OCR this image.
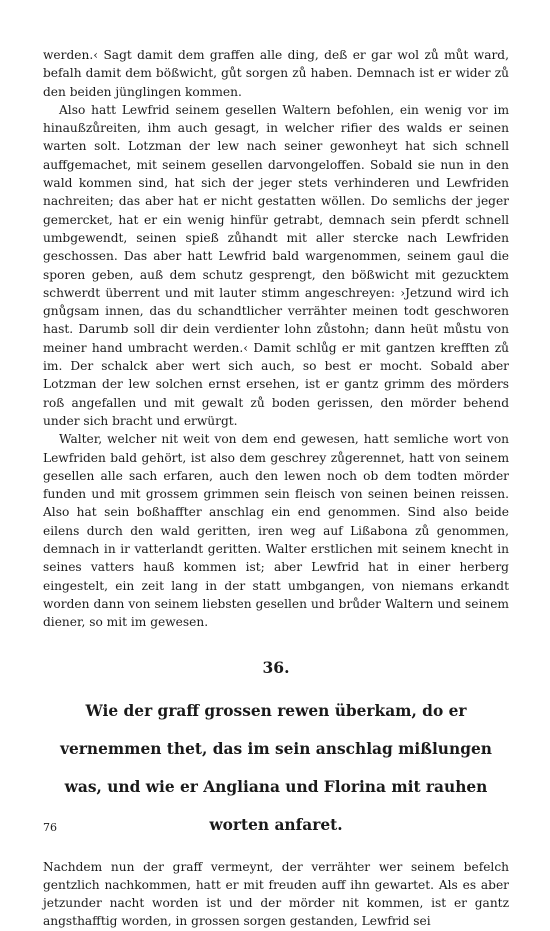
werden.‹ Sagt damit dem graffen alle ding, deß er gar wol zů můt ward, befalh damit dem bößwicht, gůt sorgen zů haben. Demnach ist er wider zů den beiden jünglingen kommen.

Also hatt Lewfrid seinem gesellen Waltern befohlen, ein wenig vor im hinaußzůreiten, ihm auch gesagt, in welcher rifier des walds er seinen warten solt. Lotzman der lew nach seiner gewonheyt hat sich schnell auffgemachet, mit seinem gesellen darvongeloffen. Sobald sie nun in den wald kommen sind, hat sich der jeger stets verhinderen und Lewfriden nachreiten; das aber hat er nicht gestatten wöllen. Do semlichs der jeger gemercket, hat er ein wenig hinfür getrabt, demnach sein pferdt schnell umbgewendt, seinen spieß zůhandt mit aller stercke nach Lewfriden geschossen. Das aber hatt Lewfrid bald wargenommen, seinem gaul die sporen geben, auß dem schutz gesprengt, den bößwicht mit gezucktem schwerdt überrent und mit lauter stimm angeschreyen: ›Jetzund wird ich gnůgsam innen, das du schandtlicher verrähter meinen todt geschworen hast. Darumb soll dir dein verdienter lohn zůstohn; dann heüt můstu von meiner hand umbracht werden.‹ Damit schlůg er mit gantzen krefften zů im. Der schalck aber wert sich auch, so best er mocht. Sobald aber Lotzman der lew solchen ernst ersehen, ist er gantz grimm des mörders roß angefallen und mit gewalt zů boden gerissen, den mörder behend under sich bracht und erwürgt.

Walter, welcher nit weit von dem end gewesen, hatt semliche wort von Lewfriden bald gehört, ist also dem geschrey zůgerennet, hatt von seinem gesellen alle sach erfaren, auch den lewen noch ob dem todten mörder funden und mit grossem grimmen sein fleisch von seinen beinen reissen. Also hat sein boßhaffter anschlag ein end genommen. Sind also beide eilens durch den wald geritten, iren weg auf Lißabona zů genommen, demnach in ir vatterlandt geritten. Walter erstlichen mit seinem knecht in seines vatters hauß kommen ist; aber Lewfrid hat in einer herberg eingestelt, ein zeit lang in der statt umbgangen, von niemans erkandt worden dann von seinem liebsten gesellen und brůder Waltern und seinem diener, so mit im gewesen.

36.
Wie der graff grossen rewen überkam, do er vernemmen thet, das im sein anschlag mißlungen was, und wie er Angliana und Florina mit rauhen worten anfaret.

Nachdem nun der graff vermeynt, der verrähter wer seinem befelch gentzlich nachkommen, hatt er mit freuden auff ihn gewartet. Als es aber jetzunder nacht worden ist und der mörder nit kommen, ist er gantz angsthafftig worden, in grossen sorgen gestanden, Lewfrid sei

76
